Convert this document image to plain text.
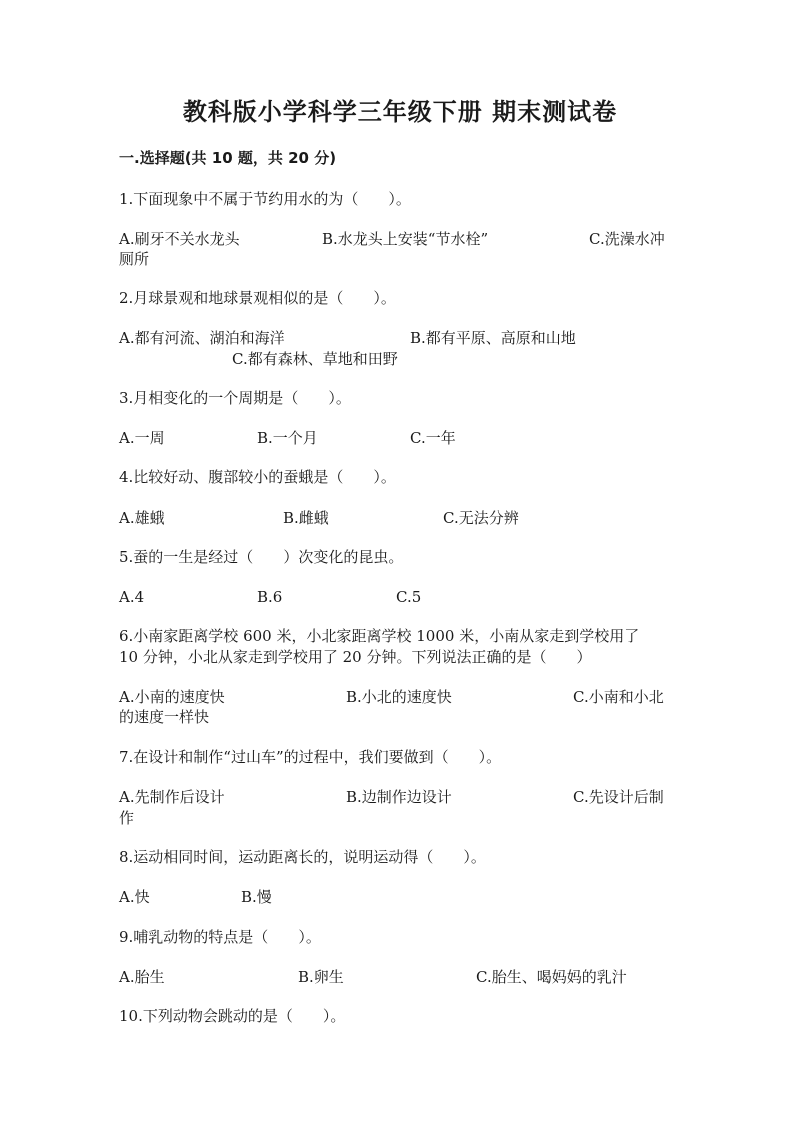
教科版小学科学三年级下册 期末测试卷
一.选择题(共 10 题，共 20 分)
1.下面现象中不属于节约用水的为（　　）。
A.刷牙不关水龙头	B.水龙头上安装“节水栓”	C.洗澡水冲
厕所
2.月球景观和地球景观相似的是（　　）。
A.都有河流、湖泊和海洋	B.都有平原、高原和山地
C.都有森林、草地和田野
3.月相变化的一个周期是（　　）。
A.一周	B.一个月	C.一年
4.比较好动、腹部较小的蚕蛾是（　　）。
A.雄蛾	B.雌蛾	C.无法分辨
5.蚕的一生是经过（　　）次变化的昆虫。
A.4	B.6	C.5
6.小南家距离学校 600 米，小北家距离学校 1000 米，小南从家走到学校用了
10 分钟，小北从家走到学校用了 20 分钟。下列说法正确的是（　　）
A.小南的速度快	B.小北的速度快	C.小南和小北
的速度一样快
7.在设计和制作“过山车”的过程中，我们要做到（　　）。
A.先制作后设计	B.边制作边设计	C.先设计后制
作
8.运动相同时间，运动距离长的，说明运动得（　　）。
A.快	B.慢
9.哺乳动物的特点是（　　）。
A.胎生	B.卵生	C.胎生、喝妈妈的乳汁
10.下列动物会跳动的是（　　）。
